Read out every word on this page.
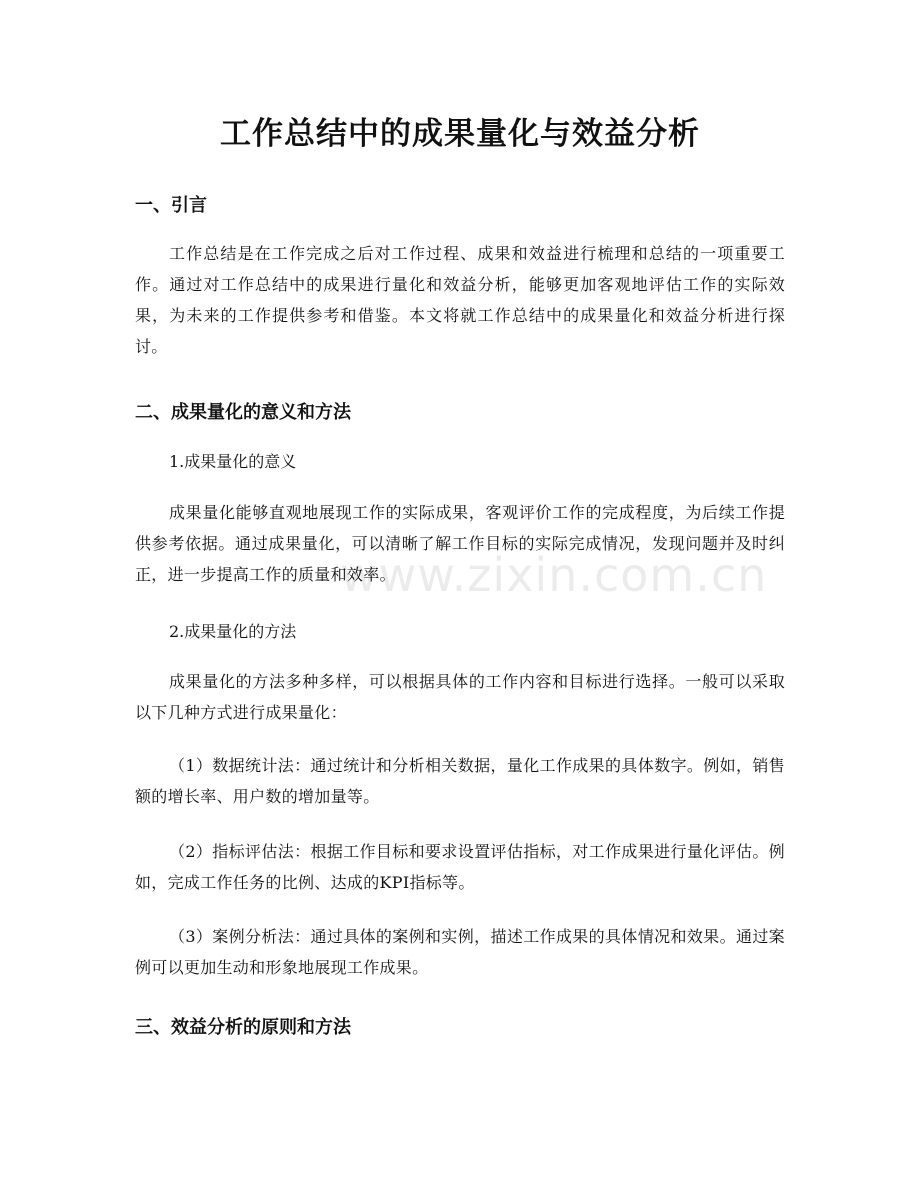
工作总结中的成果量化与效益分析
一、引言

工作总结是在工作完成之后对工作过程、成果和效益进行梳理和总结的一项重要工作。通过对工作总结中的成果进行量化和效益分析，能够更加客观地评估工作的实际效果，为未来的工作提供参考和借鉴。本文将就工作总结中的成果量化和效益分析进行探讨。

二、成果量化的意义和方法

1.成果量化的意义

成果量化能够直观地展现工作的实际成果，客观评价工作的完成程度，为后续工作提供参考依据。通过成果量化，可以清晰了解工作目标的实际完成情况，发现问题并及时纠正，进一步提高工作的质量和效率。

2.成果量化的方法

成果量化的方法多种多样，可以根据具体的工作内容和目标进行选择。一般可以采取以下几种方式进行成果量化：

（1）数据统计法：通过统计和分析相关数据，量化工作成果的具体数字。例如，销售额的增长率、用户数的增加量等。

（2）指标评估法：根据工作目标和要求设置评估指标，对工作成果进行量化评估。例如，完成工作任务的比例、达成的KPI指标等。

（3）案例分析法：通过具体的案例和实例，描述工作成果的具体情况和效果。通过案例可以更加生动和形象地展现工作成果。

三、效益分析的原则和方法
www.zixin.com.cn
